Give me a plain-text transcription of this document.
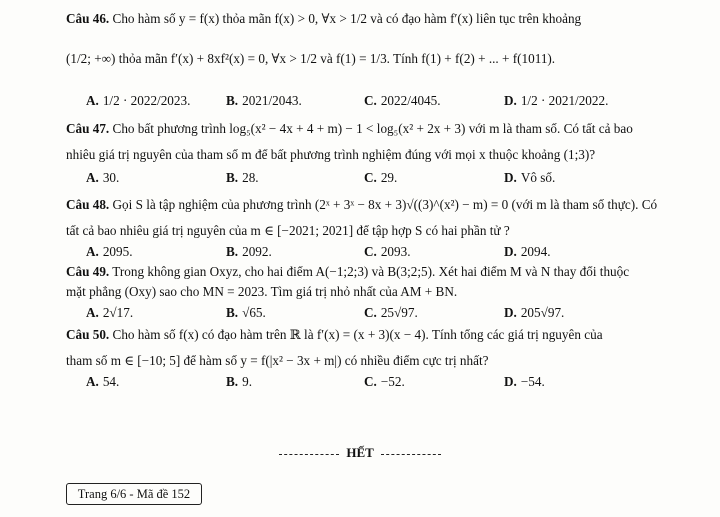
Câu 46. Cho hàm số y = f(x) thỏa mãn f(x) > 0, ∀x > 1/2 và có đạo hàm f′(x) liên tục trên khoảng
(1/2; +∞) thỏa mãn f′(x) + 8xf²(x) = 0, ∀x > 1/2 và f(1) = 1/3. Tính f(1) + f(2) + ... + f(1011).
A. 1/2 · 2022/2023.	B. 2021/2043.	C. 2022/4045.	D. 1/2 · 2021/2022.
Câu 47. Cho bất phương trình log₅(x² − 4x + 4 + m) − 1 < log₅(x² + 2x + 3) với m là tham số. Có tất cả bao
nhiêu giá trị nguyên của tham số m để bất phương trình nghiệm đúng với mọi x thuộc khoảng (1;3)?
A. 30.	B. 28.	C. 29.	D. Vô số.
Câu 48. Gọi S là tập nghiệm của phương trình (2ˣ + 3ˣ − 8x + 3)√((3)^(x²) − m) = 0 (với m là tham số thực). Có
tất cả bao nhiêu giá trị nguyên của m ∈ [−2021; 2021] để tập hợp S có hai phần tử ?
A. 2095.	B. 2092.	C. 2093.	D. 2094.
Câu 49. Trong không gian Oxyz, cho hai điểm A(−1;2;3) và B(3;2;5). Xét hai điểm M và N thay đổi thuộc
mặt phẳng (Oxy) sao cho MN = 2023. Tìm giá trị nhỏ nhất của AM + BN.
A. 2√17.	B. √65.	C. 25√97.	D. 205√97.
Câu 50. Cho hàm số f(x) có đạo hàm trên ℝ là f′(x) = (x + 3)(x − 4). Tính tổng các giá trị nguyên của
tham số m ∈ [−10; 5] để hàm số y = f(|x² − 3x + m|) có nhiều điểm cực trị nhất?
A. 54.	B. 9.	C. −52.	D. −54.
HẾT
Trang 6/6 - Mã đề 152
